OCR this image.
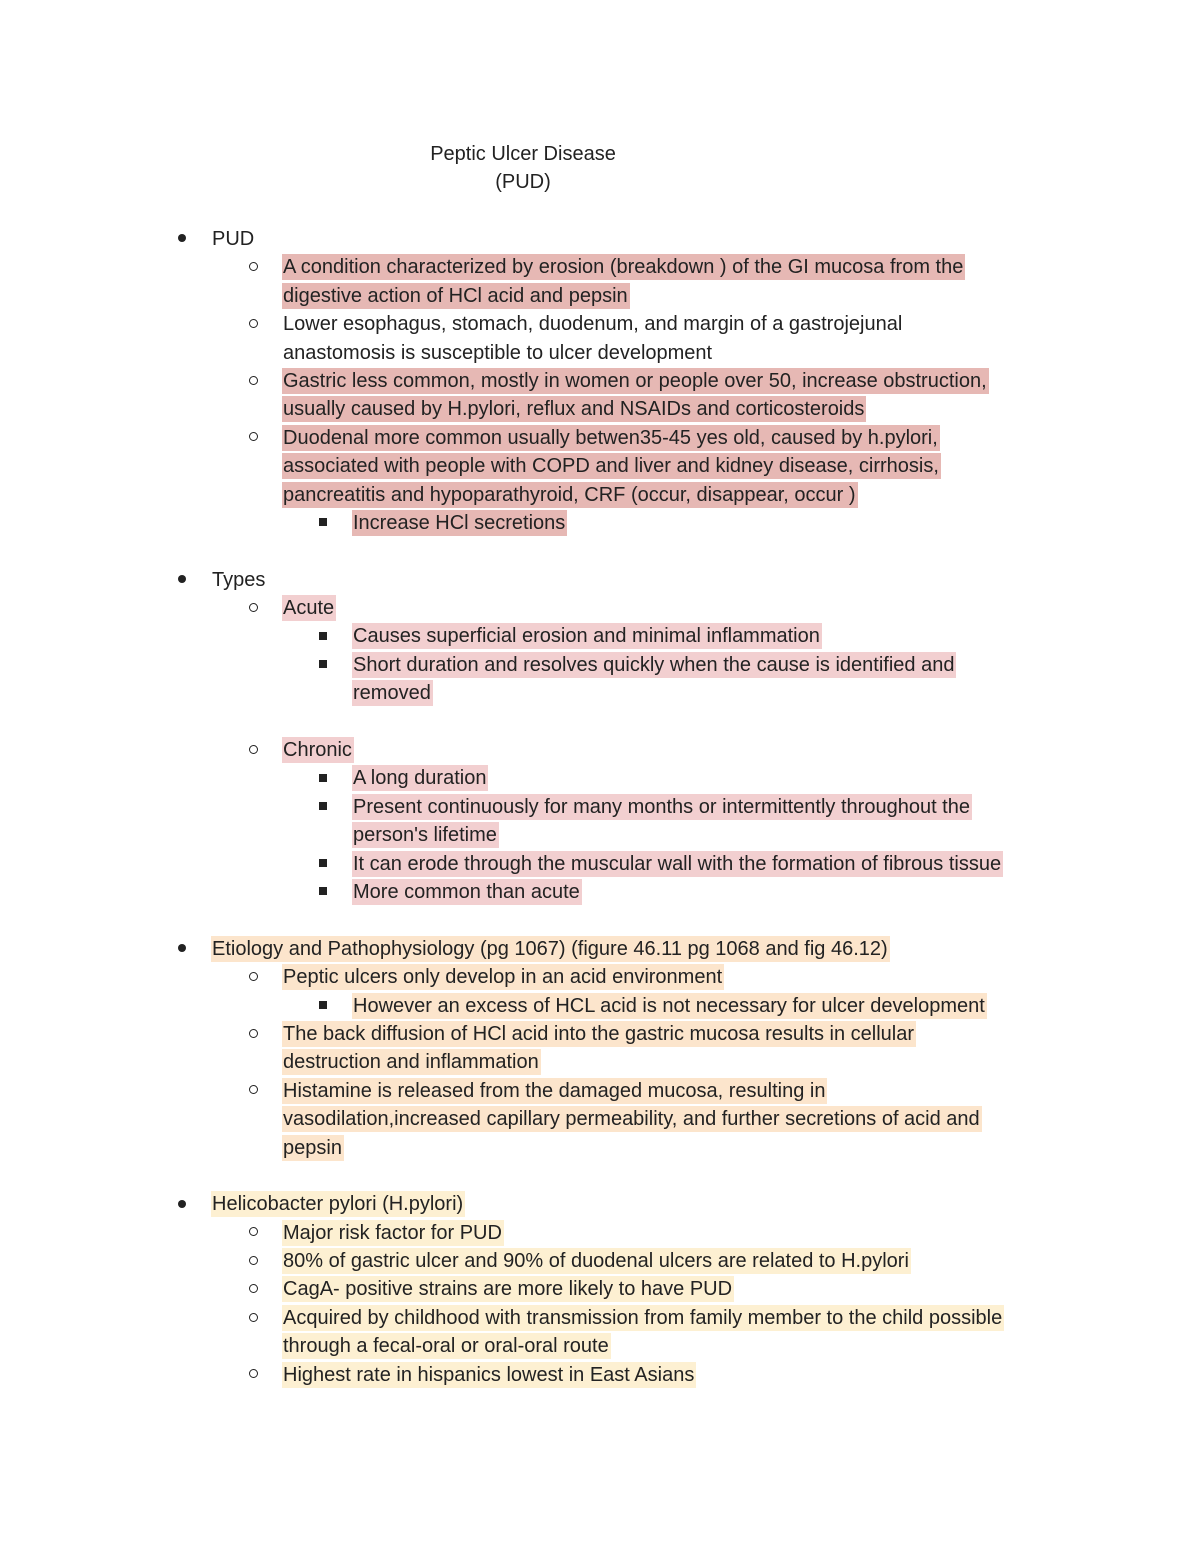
Peptic Ulcer Disease
(PUD)
PUD
A condition characterized by erosion (breakdown ) of the GI mucosa from the
digestive action of HCl acid and pepsin
Lower esophagus, stomach, duodenum, and margin of a gastrojejunal
anastomosis is susceptible to ulcer development
Gastric less common, mostly in women or people over 50, increase obstruction,
usually caused by H.pylori, reflux and NSAIDs and corticosteroids
Duodenal more common usually betwen35-45 yes old, caused by h.pylori,
associated with people with COPD and liver and kidney disease, cirrhosis,
pancreatitis and hypoparathyroid, CRF (occur, disappear, occur )
Increase HCl secretions
Types
Acute
Causes superficial erosion and minimal inflammation
Short duration and resolves quickly when the cause is identified and
removed
Chronic
A long duration
Present continuously for many months or intermittently throughout the
person's lifetime
It can erode through the muscular wall with the formation of fibrous tissue
More common than acute
Etiology and Pathophysiology (pg 1067) (figure 46.11 pg 1068 and fig 46.12)
Peptic ulcers only develop in an acid environment
However an excess of HCL acid is not necessary for ulcer development
The back diffusion of HCl acid into the gastric mucosa results in cellular
destruction and inflammation
Histamine is released from the damaged mucosa, resulting in
vasodilation,increased capillary permeability, and further secretions of acid and
pepsin
Helicobacter pylori (H.pylori)
Major risk factor for PUD
80% of gastric ulcer and 90% of duodenal ulcers are related to H.pylori
CagA- positive strains are more likely to have PUD
Acquired by childhood with transmission from family member to the child possible
through a fecal-oral or oral-oral route
Highest rate in hispanics lowest in East Asians
